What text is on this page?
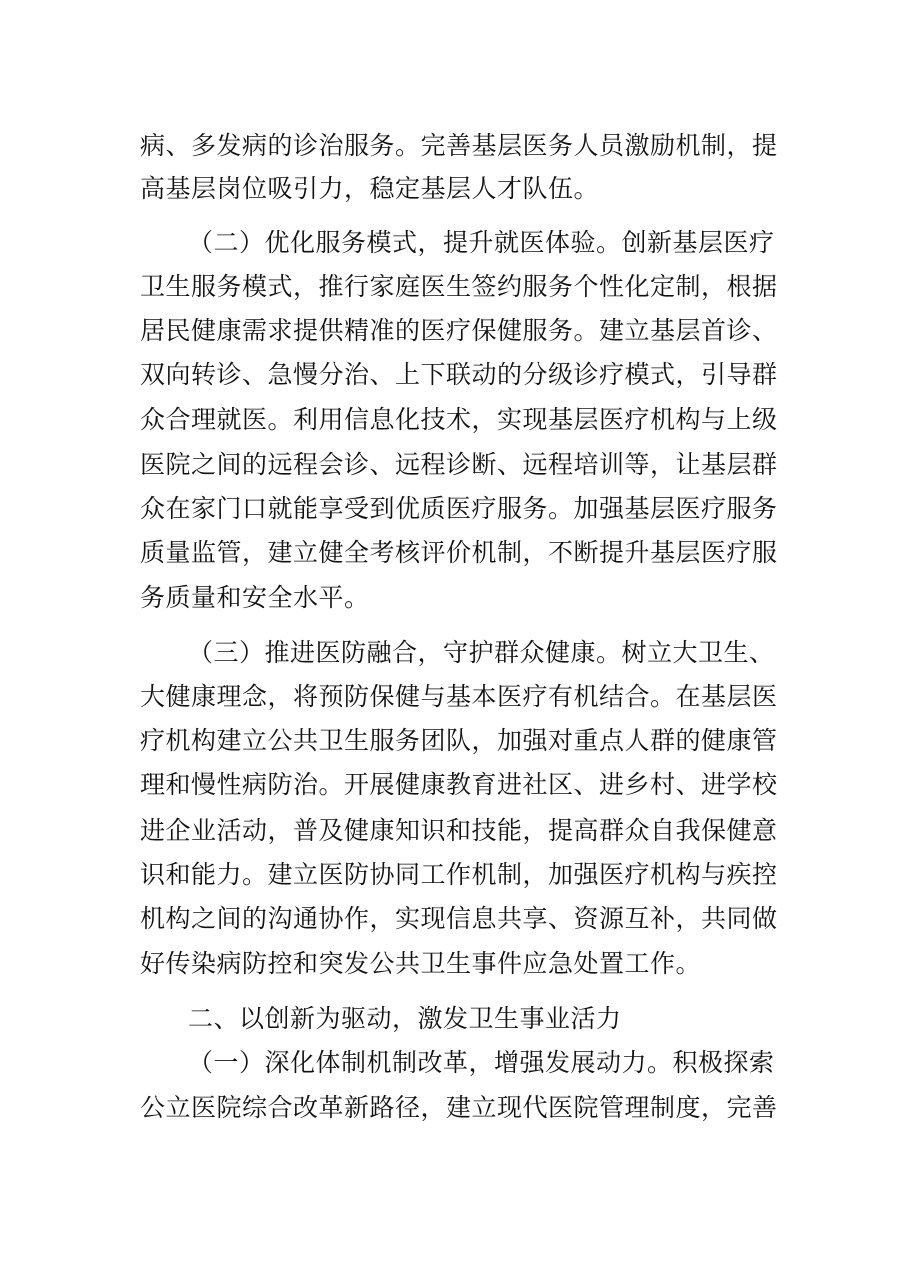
病、多发病的诊治服务。完善基层医务人员激励机制，提
高基层岗位吸引力，稳定基层人才队伍。
（二）优化服务模式，提升就医体验。创新基层医疗
卫生服务模式，推行家庭医生签约服务个性化定制，根据
居民健康需求提供精准的医疗保健服务。建立基层首诊、
双向转诊、急慢分治、上下联动的分级诊疗模式，引导群
众合理就医。利用信息化技术，实现基层医疗机构与上级
医院之间的远程会诊、远程诊断、远程培训等，让基层群
众在家门口就能享受到优质医疗服务。加强基层医疗服务
质量监管，建立健全考核评价机制，不断提升基层医疗服
务质量和安全水平。
（三）推进医防融合，守护群众健康。树立大卫生、
大健康理念，将预防保健与基本医疗有机结合。在基层医
疗机构建立公共卫生服务团队，加强对重点人群的健康管
理和慢性病防治。开展健康教育进社区、进乡村、进学校
进企业活动，普及健康知识和技能，提高群众自我保健意
识和能力。建立医防协同工作机制，加强医疗机构与疾控
机构之间的沟通协作，实现信息共享、资源互补，共同做
好传染病防控和突发公共卫生事件应急处置工作。
二、以创新为驱动，激发卫生事业活力
（一）深化体制机制改革，增强发展动力。积极探索
公立医院综合改革新路径，建立现代医院管理制度，完善
